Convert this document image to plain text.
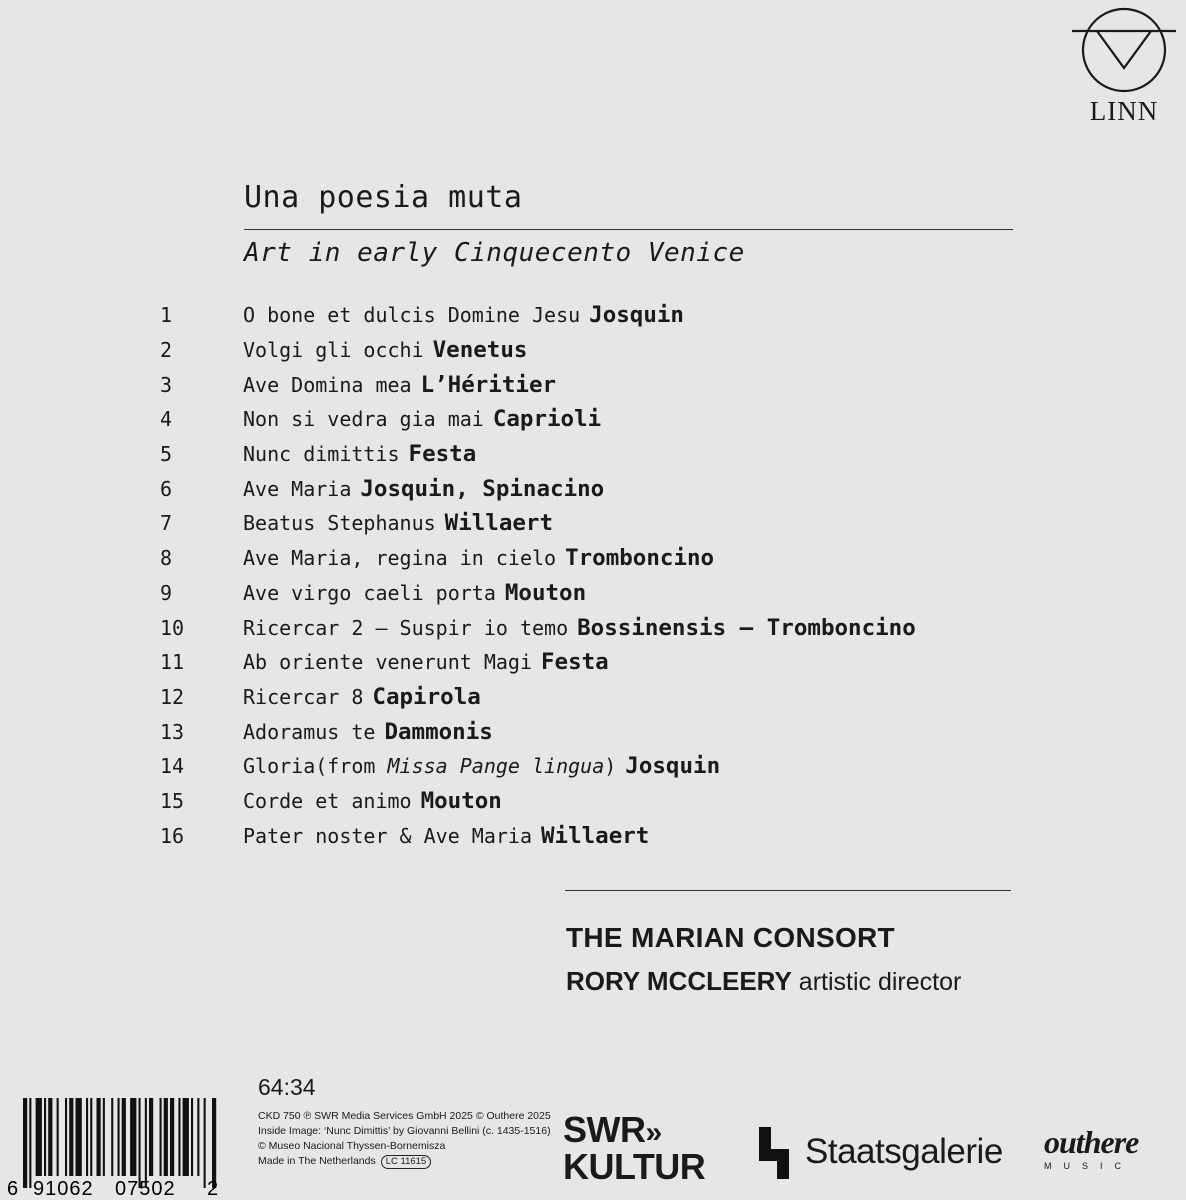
LINN
Una poesia muta
Art in early Cinquecento Venice
1	O bone et dulcis Domine Jesu Josquin
2	Volgi gli occhi Venetus
3	Ave Domina mea L’Héritier
4	Non si vedra gia mai Caprioli
5	Nunc dimittis Festa
6	Ave Maria Josquin, Spinacino
7	Beatus Stephanus Willaert
8	Ave Maria, regina in cielo Tromboncino
9	Ave virgo caeli porta Mouton
10	Ricercar 2 – Suspir io temo Bossinensis – Tromboncino
11	Ab oriente venerunt Magi Festa
12	Ricercar 8 Capirola
13	Adoramus te Dammonis
14	Gloria (from Missa Pange lingua) Josquin
15	Corde et animo Mouton
16	Pater noster & Ave Maria Willaert
THE MARIAN CONSORT
RORY MCCLEERY artistic director
6 91062 07502 2
64:34
CKD 750 ℗ SWR Media Services GmbH 2025 © Outhere 2025
Inside Image: ‘Nunc Dimittis’ by Giovanni Bellini (c. 1435-1516)
© Museo Nacional Thyssen-Bornemisza
Made in The Netherlands LC 11615
SWR»
KULTUR	Staatsgalerie outhere
MUSIC
